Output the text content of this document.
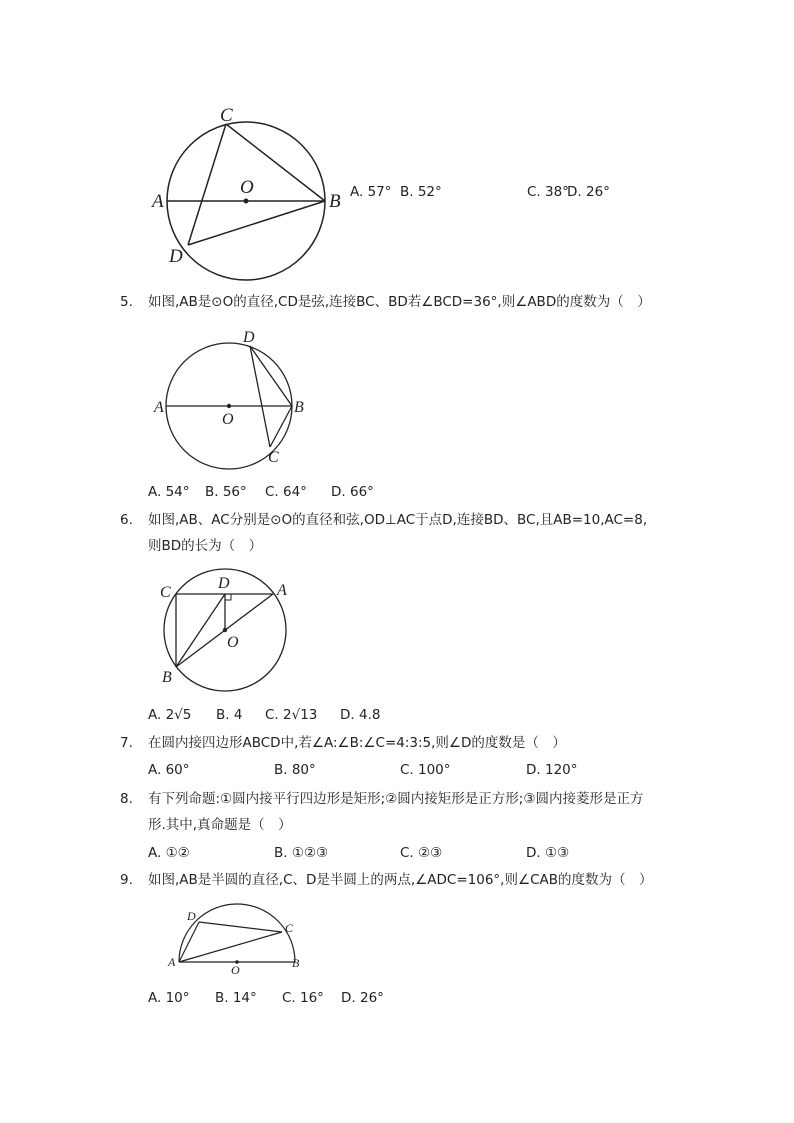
C
A
O
B
D
A. 57° B. 52°	C. 38°
D. 26°
5. 如图,AB是⊙O的直径,CD是弦,连接BC、BD若∠BCD=36°,则∠ABD的度数为（　）
D
A
O
B
C
A. 54° B. 56° C. 64° D. 66°
6. 如图,AB、AC分别是⊙O的直径和弦,OD⊥AC于点D,连接BD、BC,且AB=10,AC=8,
则BD的长为（　）
C
D	A
O
B
A. 2√5 B. 4 C. 2√13 D. 4.8
7. 在圆内接四边形ABCD中,若∠A:∠B:∠C=4:3:5,则∠D的度数是（　）
A. 60°	B. 80°	C. 100°	D. 120°
8. 有下列命题:①圆内接平行四边形是矩形;②圆内接矩形是正方形;③圆内接菱形是正方
形.其中,真命题是（　）
A. ①②	B. ①②③	C. ②③	D. ①③
9. 如图,AB是半圆的直径,C、D是半圆上的两点,∠ADC=106°,则∠CAB的度数为（　）
D
C
A
O	B
A. 10° B. 14° C. 16° D. 26°
